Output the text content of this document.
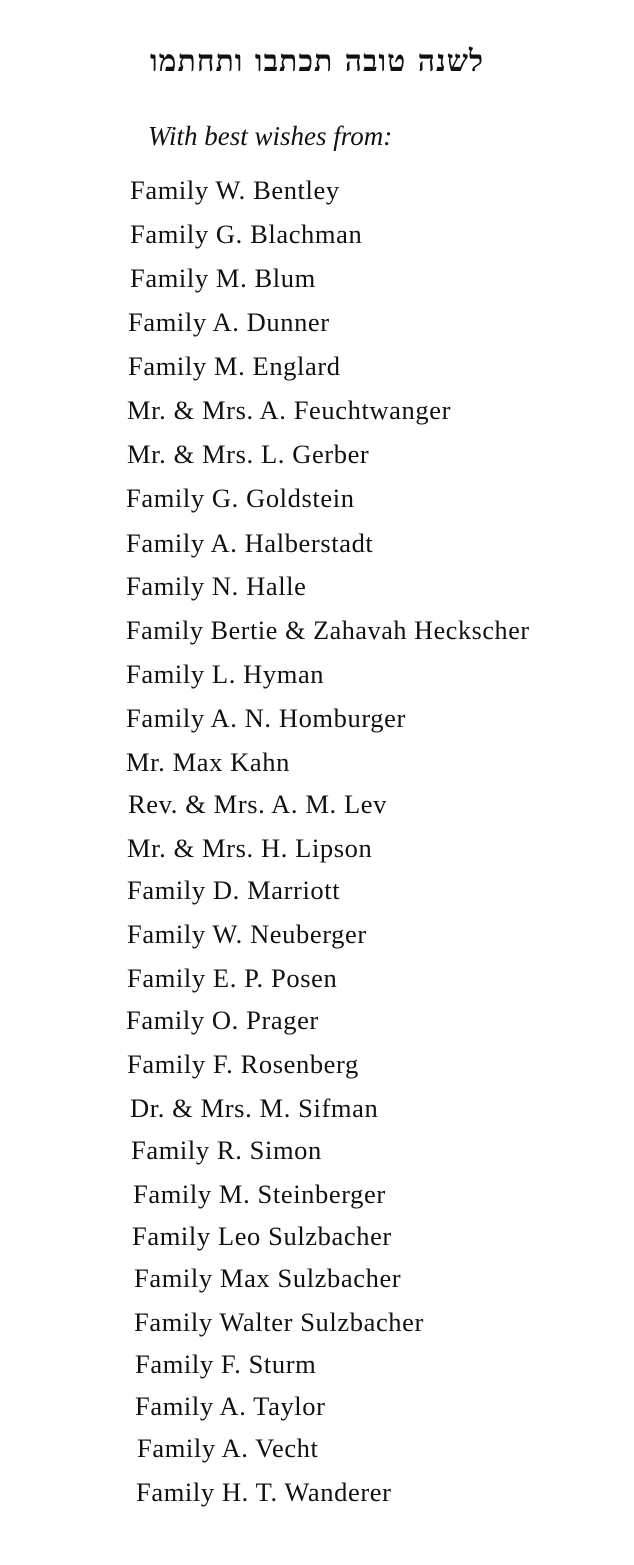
לשנה טובה תכתבו ותחתמו
With best wishes from:
Family W. Bentley
Family G. Blachman
Family M. Blum
Family A. Dunner
Family M. Englard
Mr. & Mrs. A. Feuchtwanger
Mr. & Mrs. L. Gerber
Family G. Goldstein
Family A. Halberstadt
Family N. Halle
Family Bertie & Zahavah Heckscher
Family L. Hyman
Family A. N. Homburger
Mr. Max Kahn
Rev. & Mrs. A. M. Lev
Mr. & Mrs. H. Lipson
Family D. Marriott
Family W. Neuberger
Family E. P. Posen
Family O. Prager
Family F. Rosenberg
Dr. & Mrs. M. Sifman
Family R. Simon
Family M. Steinberger
Family Leo Sulzbacher
Family Max Sulzbacher
Family Walter Sulzbacher
Family F. Sturm
Family A. Taylor
Family A. Vecht
Family H. T. Wanderer
